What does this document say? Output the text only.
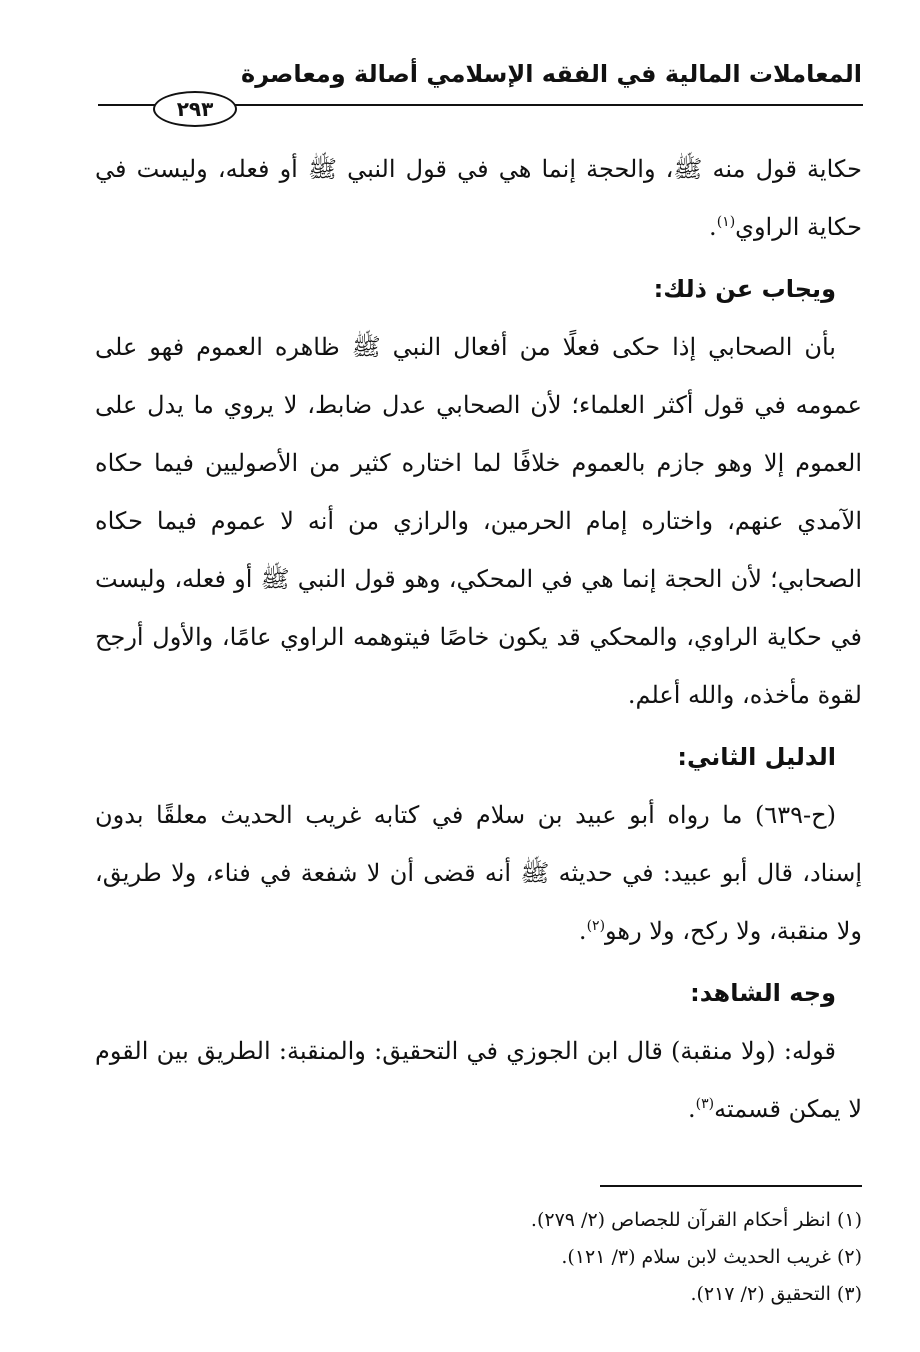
المعاملات المالية في الفقه الإسلامي أصالة ومعاصرة
٢٩٣

حكاية قول منه ﷺ، والحجة إنما هي في قول النبي ﷺ أو فعله، وليست في حكاية الراوي$^{(١)}$.

ويجاب عن ذلك:

بأن الصحابي إذا حكى فعلًا من أفعال النبي ﷺ ظاهره العموم فهو على عمومه في قول أكثر العلماء؛ لأن الصحابي عدل ضابط، لا يروي ما يدل على العموم إلا وهو جازم بالعموم خلافًا لما اختاره كثير من الأصوليين فيما حكاه الآمدي عنهم، واختاره إمام الحرمين، والرازي من أنه لا عموم فيما حكاه الصحابي؛ لأن الحجة إنما هي في المحكي، وهو قول النبي ﷺ أو فعله، وليست في حكاية الراوي، والمحكي قد يكون خاصًا فيتوهمه الراوي عامًا، والأول أرجح لقوة مأخذه، والله أعلم.

الدليل الثاني:

(ح-٦٣٩) ما رواه أبو عبيد بن سلام في كتابه غريب الحديث معلقًا بدون إسناد، قال أبو عبيد: في حديثه ﷺ أنه قضى أن لا شفعة في فناء، ولا طريق، ولا منقبة، ولا ركح، ولا رهو$^{(٢)}$.

وجه الشاهد:

قوله: (ولا منقبة) قال ابن الجوزي في التحقيق: والمنقبة: الطريق بين القوم لا يمكن قسمته$^{(٣)}$.

(١) انظر أحكام القرآن للجصاص (٢/ ٢٧٩).

(٢) غريب الحديث لابن سلام (٣/ ١٢١).

(٣) التحقيق (٢/ ٢١٧).
